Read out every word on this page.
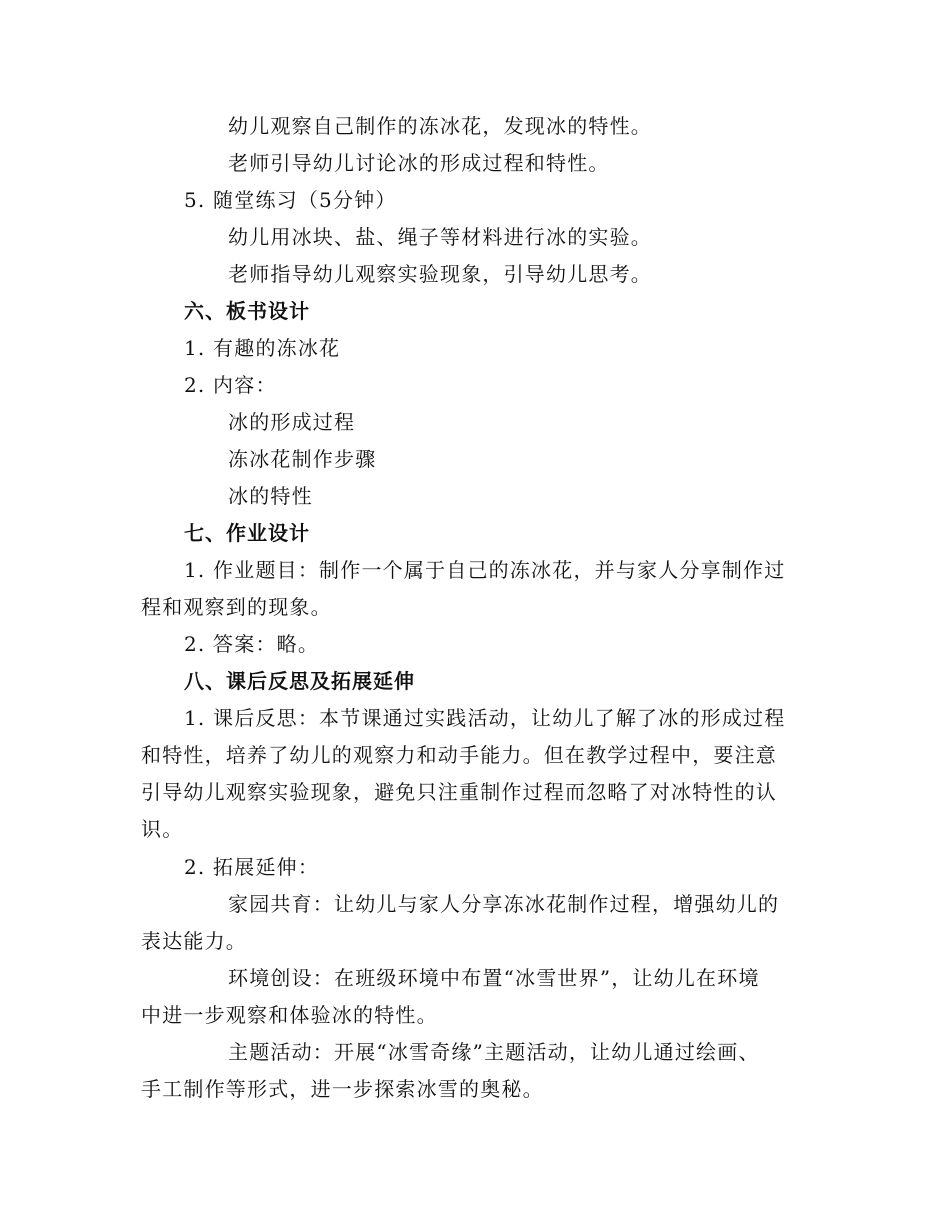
幼儿观察自己制作的冻冰花，发现冰的特性。
老师引导幼儿讨论冰的形成过程和特性。
5. 随堂练习（5分钟）
幼儿用冰块、盐、绳子等材料进行冰的实验。
老师指导幼儿观察实验现象，引导幼儿思考。
六、板书设计
1. 有趣的冻冰花
2. 内容：
冰的形成过程
冻冰花制作步骤
冰的特性
七、作业设计
1. 作业题目：制作一个属于自己的冻冰花，并与家人分享制作过
程和观察到的现象。
2. 答案：略。
八、课后反思及拓展延伸
1. 课后反思：本节课通过实践活动，让幼儿了解了冰的形成过程
和特性，培养了幼儿的观察力和动手能力。但在教学过程中，要注意
引导幼儿观察实验现象，避免只注重制作过程而忽略了对冰特性的认
识。
2. 拓展延伸：
家园共育：让幼儿与家人分享冻冰花制作过程，增强幼儿的
表达能力。
环境创设：在班级环境中布置“冰雪世界”，让幼儿在环境
中进一步观察和体验冰的特性。
主题活动：开展“冰雪奇缘”主题活动，让幼儿通过绘画、
手工制作等形式，进一步探索冰雪的奥秘。
